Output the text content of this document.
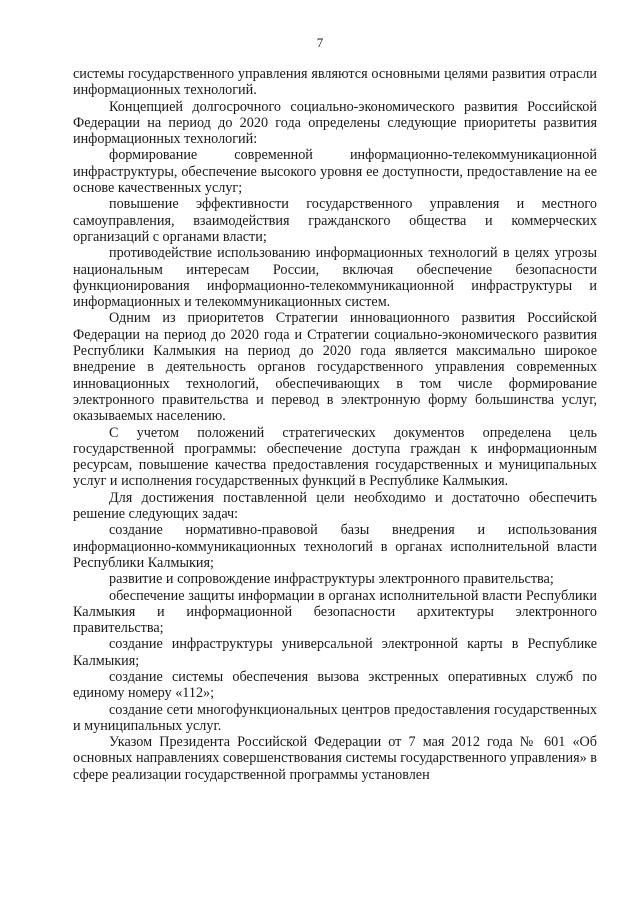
7

системы государственного управления являются основными целями развития отрасли информационных технологий.

Концепцией долгосрочного социально-экономического развития Российской Федерации на период до 2020 года определены следующие приоритеты развития информационных технологий:

формирование современной информационно-телекоммуникационной инфраструктуры, обеспечение высокого уровня ее доступности, предоставление на ее основе качественных услуг;

повышение эффективности государственного управления и местного самоуправления, взаимодействия гражданского общества и коммерческих организаций с органами власти;

противодействие использованию информационных технологий в целях угрозы национальным интересам России, включая обеспечение безопасности функционирования информационно-телекоммуникационной инфраструктуры и информационных и телекоммуникационных систем.

Одним из приоритетов Стратегии инновационного развития Российской Федерации на период до 2020 года и Стратегии социально-экономического развития Республики Калмыкия на период до 2020 года является максимально широкое внедрение в деятельность органов государственного управления современных инновационных технологий, обеспечивающих в том числе формирование электронного правительства и перевод в электронную форму большинства услуг, оказываемых населению.

С учетом положений стратегических документов определена цель государственной программы: обеспечение доступа граждан к информационным ресурсам, повышение качества предоставления государственных и муниципальных услуг и исполнения государственных функций в Республике Калмыкия.

Для достижения поставленной цели необходимо и достаточно обеспечить решение следующих задач:

создание нормативно-правовой базы внедрения и использования информационно-коммуникационных технологий в органах исполнительной власти Республики Калмыкия;

развитие и сопровождение инфраструктуры электронного правительства;

обеспечение защиты информации в органах исполнительной власти Республики Калмыкия и информационной безопасности архитектуры электронного правительства;

создание инфраструктуры универсальной электронной карты в Республике Калмыкия;

создание системы обеспечения вызова экстренных оперативных служб по единому номеру «112»;

создание сети многофункциональных центров предоставления государственных и муниципальных услуг.

Указом Президента Российской Федерации от 7 мая 2012 года № 601 «Об основных направлениях совершенствования системы государственного управления» в сфере реализации государственной программы установлен
